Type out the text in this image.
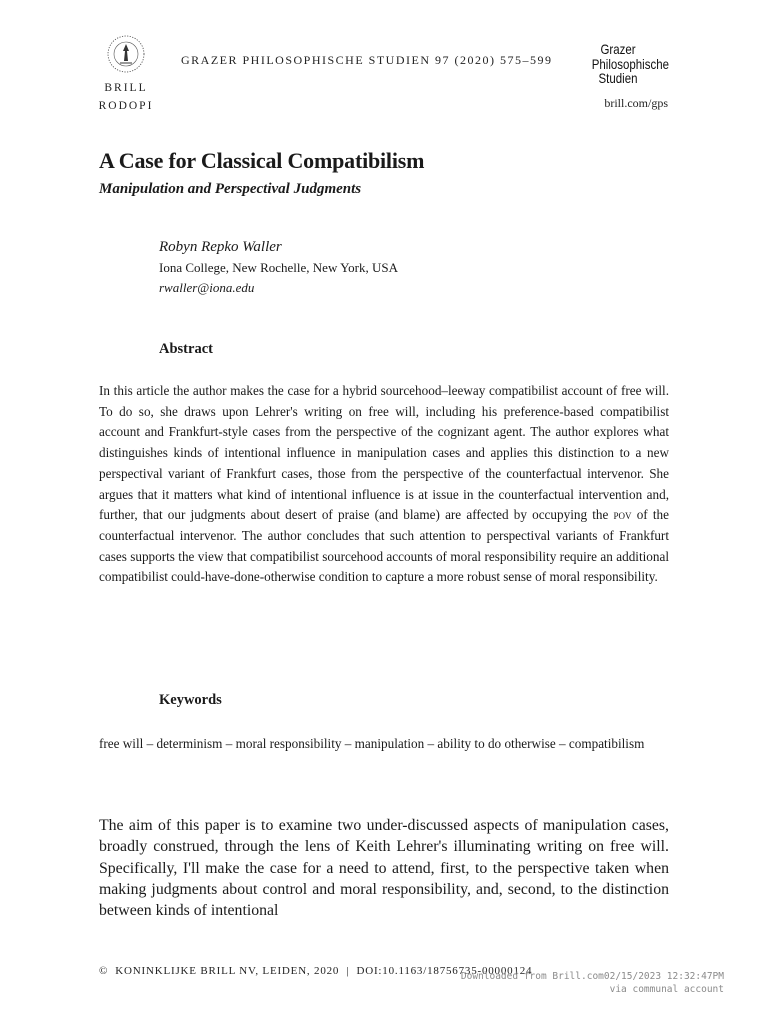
BRILL
RODOPI
GRAZER PHILOSOPHISCHE STUDIEN 97 (2020) 575–599
Grazer
Philosophische
Studien
brill.com/gps
A Case for Classical Compatibilism
Manipulation and Perspectival Judgments
Robyn Repko Waller
Iona College, New Rochelle, New York, USA
rwaller@iona.edu
Abstract

In this article the author makes the case for a hybrid sourcehood–leeway compatibilist account of free will. To do so, she draws upon Lehrer's writing on free will, including his preference-based compatibilist account and Frankfurt-style cases from the perspective of the cognizant agent. The author explores what distinguishes kinds of intentional influence in manipulation cases and applies this distinction to a new perspectival variant of Frankfurt cases, those from the perspective of the counterfactual intervenor. She argues that it matters what kind of intentional influence is at issue in the counterfactual intervention and, further, that our judgments about desert of praise (and blame) are affected by occupying the pov of the counterfactual intervenor. The author concludes that such attention to perspectival variants of Frankfurt cases supports the view that compatibilist sourcehood accounts of moral responsibility require an additional compatibilist could-have-done-otherwise condition to capture a more robust sense of moral responsibility.

Keywords

free will – determinism – moral responsibility – manipulation – ability to do otherwise – compatibilism

The aim of this paper is to examine two under-discussed aspects of manipulation cases, broadly construed, through the lens of Keith Lehrer's illuminating writing on free will. Specifically, I'll make the case for a need to attend, first, to the perspective taken when making judgments about control and moral responsibility, and, second, to the distinction between kinds of intentional

© KONINKLIJKE BRILL NV, LEIDEN, 2020 | DOI:10.1163/18756735-00000124
Downloaded from Brill.com02/15/2023 12:32:47PM
via communal account
